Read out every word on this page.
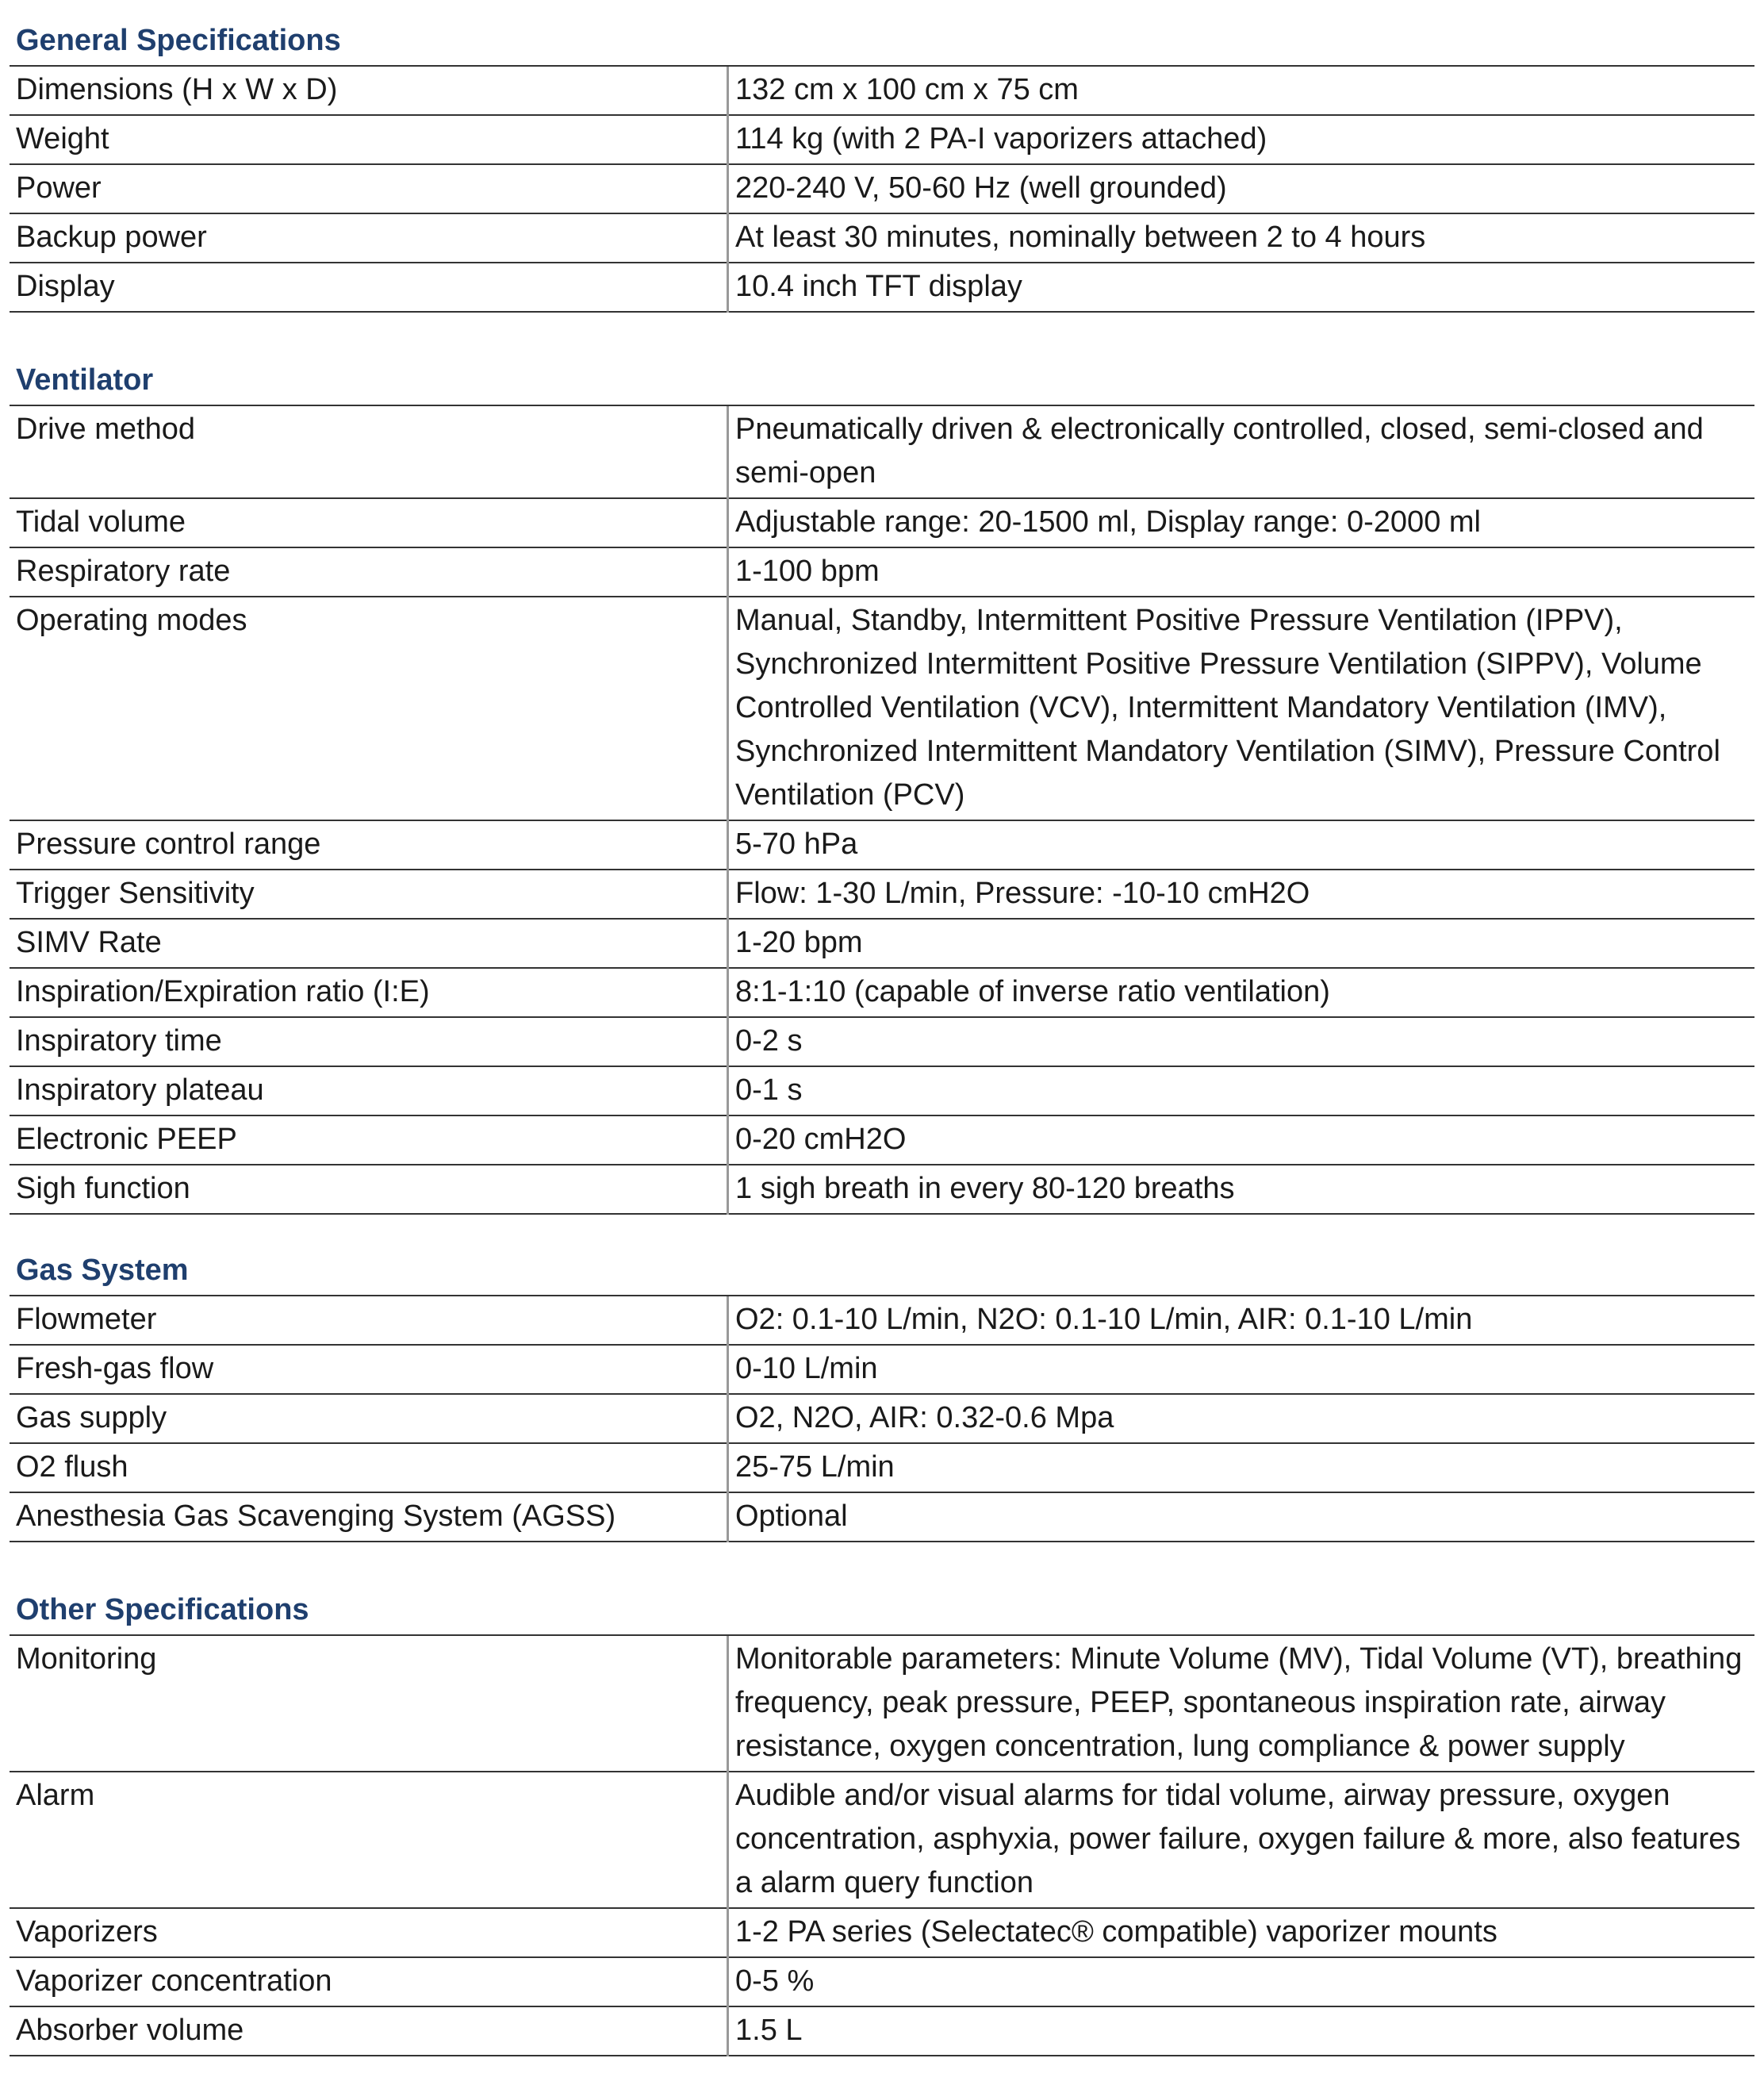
General Specifications
Dimensions (H x W x D)	132 cm x 100 cm x 75 cm
Weight	114 kg (with 2 PA-I vaporizers attached)
Power	220-240 V, 50-60 Hz (well grounded)
Backup power	At least 30 minutes, nominally between 2 to 4 hours
Display	10.4 inch TFT display
Ventilator
Drive method	Pneumatically driven & electronically controlled, closed, semi-closed and semi-open
Tidal volume	Adjustable range: 20-1500 ml, Display range: 0-2000 ml
Respiratory rate	1-100 bpm
Operating modes	Manual, Standby, Intermittent Positive Pressure Ventilation (IPPV), Synchronized Intermittent Positive Pressure Ventilation (SIPPV), Volume Controlled Ventilation (VCV), Intermittent Mandatory Ventilation (IMV), Synchronized Intermittent Mandatory Ventilation (SIMV), Pressure Control Ventilation (PCV)
Pressure control range	5-70 hPa
Trigger Sensitivity	Flow: 1-30 L/min, Pressure: -10-10 cmH2O
SIMV Rate	1-20 bpm
Inspiration/Expiration ratio (I:E)	8:1-1:10 (capable of inverse ratio ventilation)
Inspiratory time	0-2 s
Inspiratory plateau	0-1 s
Electronic PEEP	0-20 cmH2O
Sigh function	1 sigh breath in every 80-120 breaths
Gas System
Flowmeter	O2: 0.1-10 L/min, N2O: 0.1-10 L/min, AIR: 0.1-10 L/min
Fresh-gas flow	0-10 L/min
Gas supply	O2, N2O, AIR: 0.32-0.6 Mpa
O2 flush	25-75 L/min
Anesthesia Gas Scavenging System (AGSS)	Optional
Other Specifications
Monitoring	Monitorable parameters: Minute Volume (MV), Tidal Volume (VT), breathing frequency, peak pressure, PEEP, spontaneous inspiration rate, airway resistance, oxygen concentration, lung compliance & power supply
Alarm	Audible and/or visual alarms for tidal volume, airway pressure, oxygen concentration, asphyxia, power failure, oxygen failure & more, also features a alarm query function
Vaporizers	1-2 PA series (Selectatec® compatible) vaporizer mounts
Vaporizer concentration	0-5 %
Absorber volume	1.5 L
